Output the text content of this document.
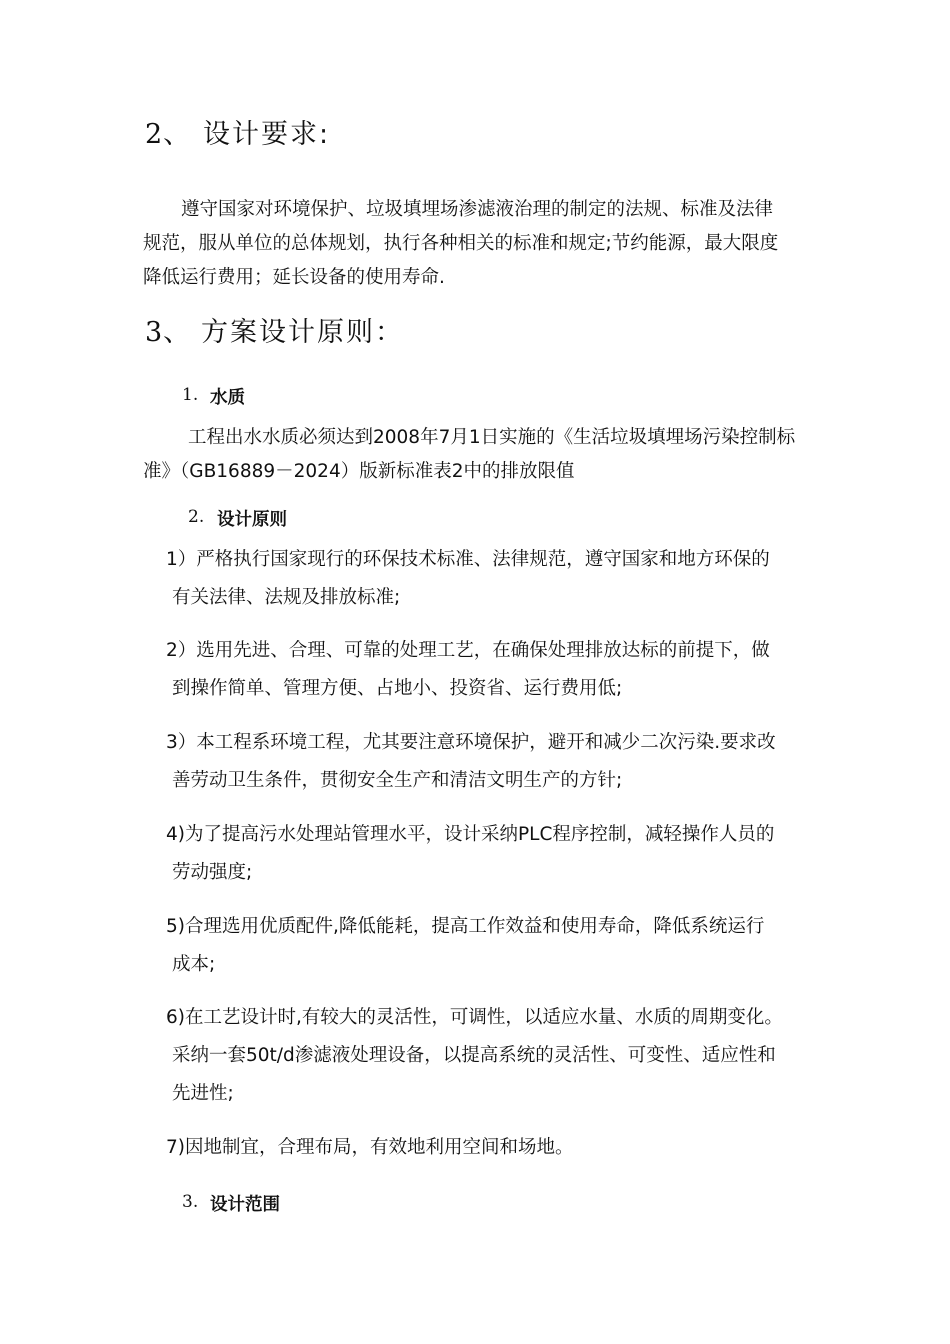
2、 设计要求:
遵守国家对环境保护、垃圾填埋场渗滤液治理的制定的法规、标准及法律
规范，服从单位的总体规划，执行各种相关的标准和规定;节约能源，最大限度
降低运行费用；延长设备的使用寿命.
3、 方案设计原则：
1. 水质
工程出水水质必须达到2008年7月1日实施的《生活垃圾填埋场污染控制标
准》（GB16889－2024）版新标准表2中的排放限值
2. 设计原则
1）严格执行国家现行的环保技术标准、法律规范，遵守国家和地方环保的
有关法律、法规及排放标准;
2）选用先进、合理、可靠的处理工艺，在确保处理排放达标的前提下，做
到操作简单、管理方便、占地小、投资省、运行费用低;
3）本工程系环境工程，尤其要注意环境保护，避开和减少二次污染.要求改
善劳动卫生条件，贯彻安全生产和清洁文明生产的方针;
4)为了提高污水处理站管理水平，设计采纳PLC程序控制，减轻操作人员的
劳动强度;
5)合理选用优质配件,降低能耗，提高工作效益和使用寿命，降低系统运行
成本;
6)在工艺设计时,有较大的灵活性，可调性，以适应水量、水质的周期变化。
采纳一套50t/d渗滤液处理设备，以提高系统的灵活性、可变性、适应性和
先进性;
7)因地制宜，合理布局，有效地利用空间和场地。
3. 设计范围
